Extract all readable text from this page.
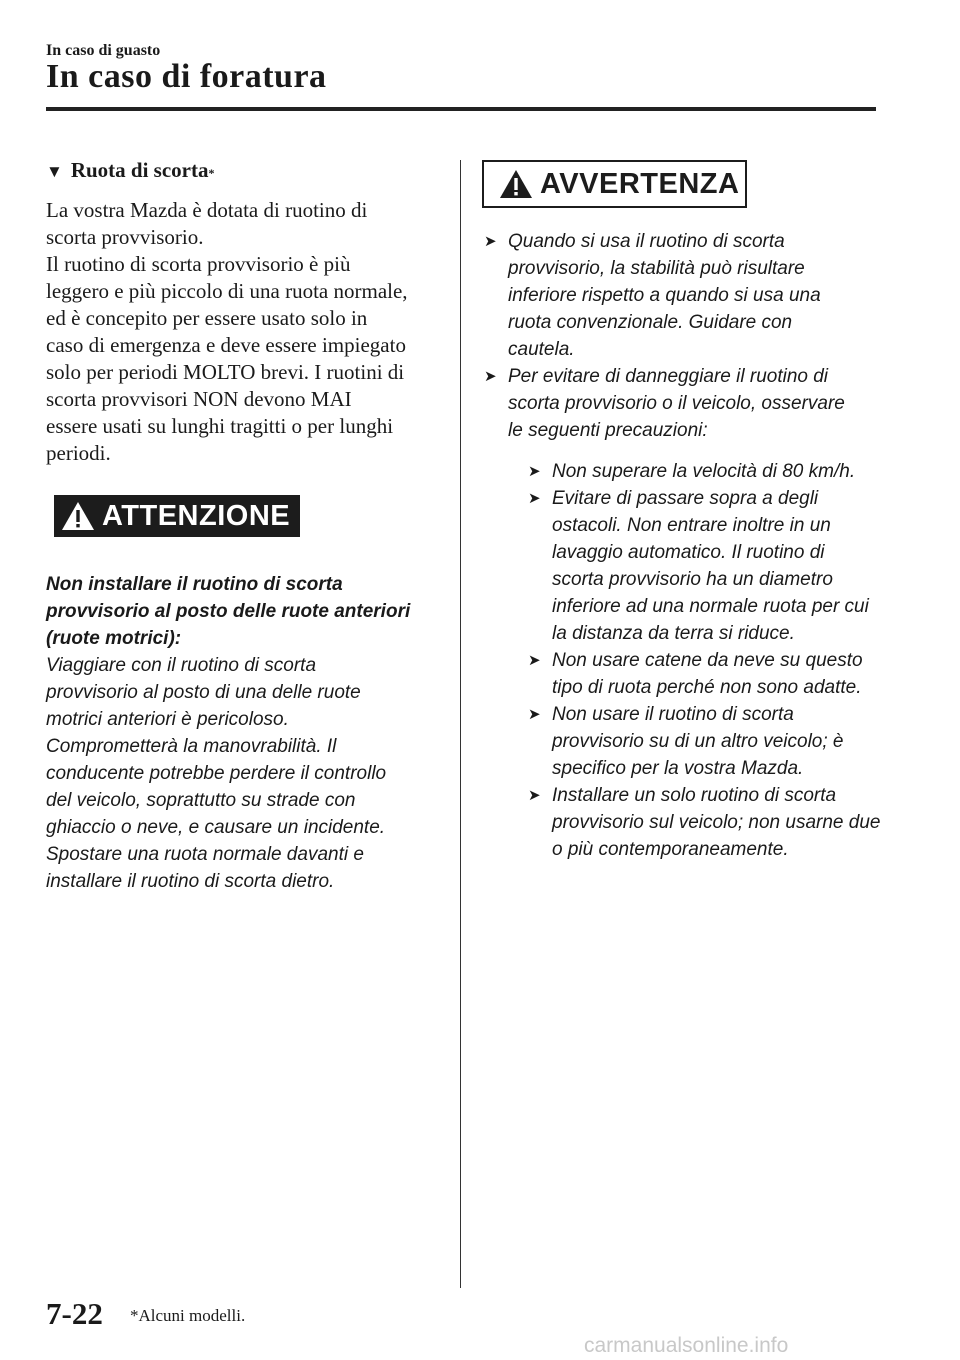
In caso di guasto

In caso di foratura
▼ Ruota di scorta *

La vostra Mazda è dotata di ruotino di
scorta provvisorio.
Il ruotino di scorta provvisorio è più
leggero e più piccolo di una ruota normale,
ed è concepito per essere usato solo in
caso di emergenza e deve essere impiegato
solo per periodi MOLTO brevi. I ruotini di
scorta provvisori NON devono MAI
essere usati su lunghi tragitti o per lunghi
periodi.

ATTENZIONE

Non installare il ruotino di scorta
provvisorio al posto delle ruote anteriori
(ruote motrici):

Viaggiare con il ruotino di scorta
provvisorio al posto di una delle ruote
motrici anteriori è pericoloso.
Comprometterà la manovrabilità. Il
conducente potrebbe perdere il controllo
del veicolo, soprattutto su strade con
ghiaccio o neve, e causare un incidente.
Spostare una ruota normale davanti e
installare il ruotino di scorta dietro.

AVVERTENZA
➤ Quando si usa il ruotino di scorta
provvisorio, la stabilità può risultare
inferiore rispetto a quando si usa una
ruota convenzionale. Guidare con
cautela.
➤ Per evitare di danneggiare il ruotino di
scorta provvisorio o il veicolo, osservare
le seguenti precauzioni:
➤ Non superare la velocità di 80 km/h.
➤ Evitare di passare sopra a degli
ostacoli. Non entrare inoltre in un
lavaggio automatico. Il ruotino di
scorta provvisorio ha un diametro
inferiore ad una normale ruota per cui
la distanza da terra si riduce.
➤ Non usare catene da neve su questo
tipo di ruota perché non sono adatte.
➤ Non usare il ruotino di scorta
provvisorio su di un altro veicolo; è
specifico per la vostra Mazda.
➤ Installare un solo ruotino di scorta
provvisorio sul veicolo; non usarne due
o più contemporaneamente.

7-22 *Alcuni modelli.

carmanualsonline.info
